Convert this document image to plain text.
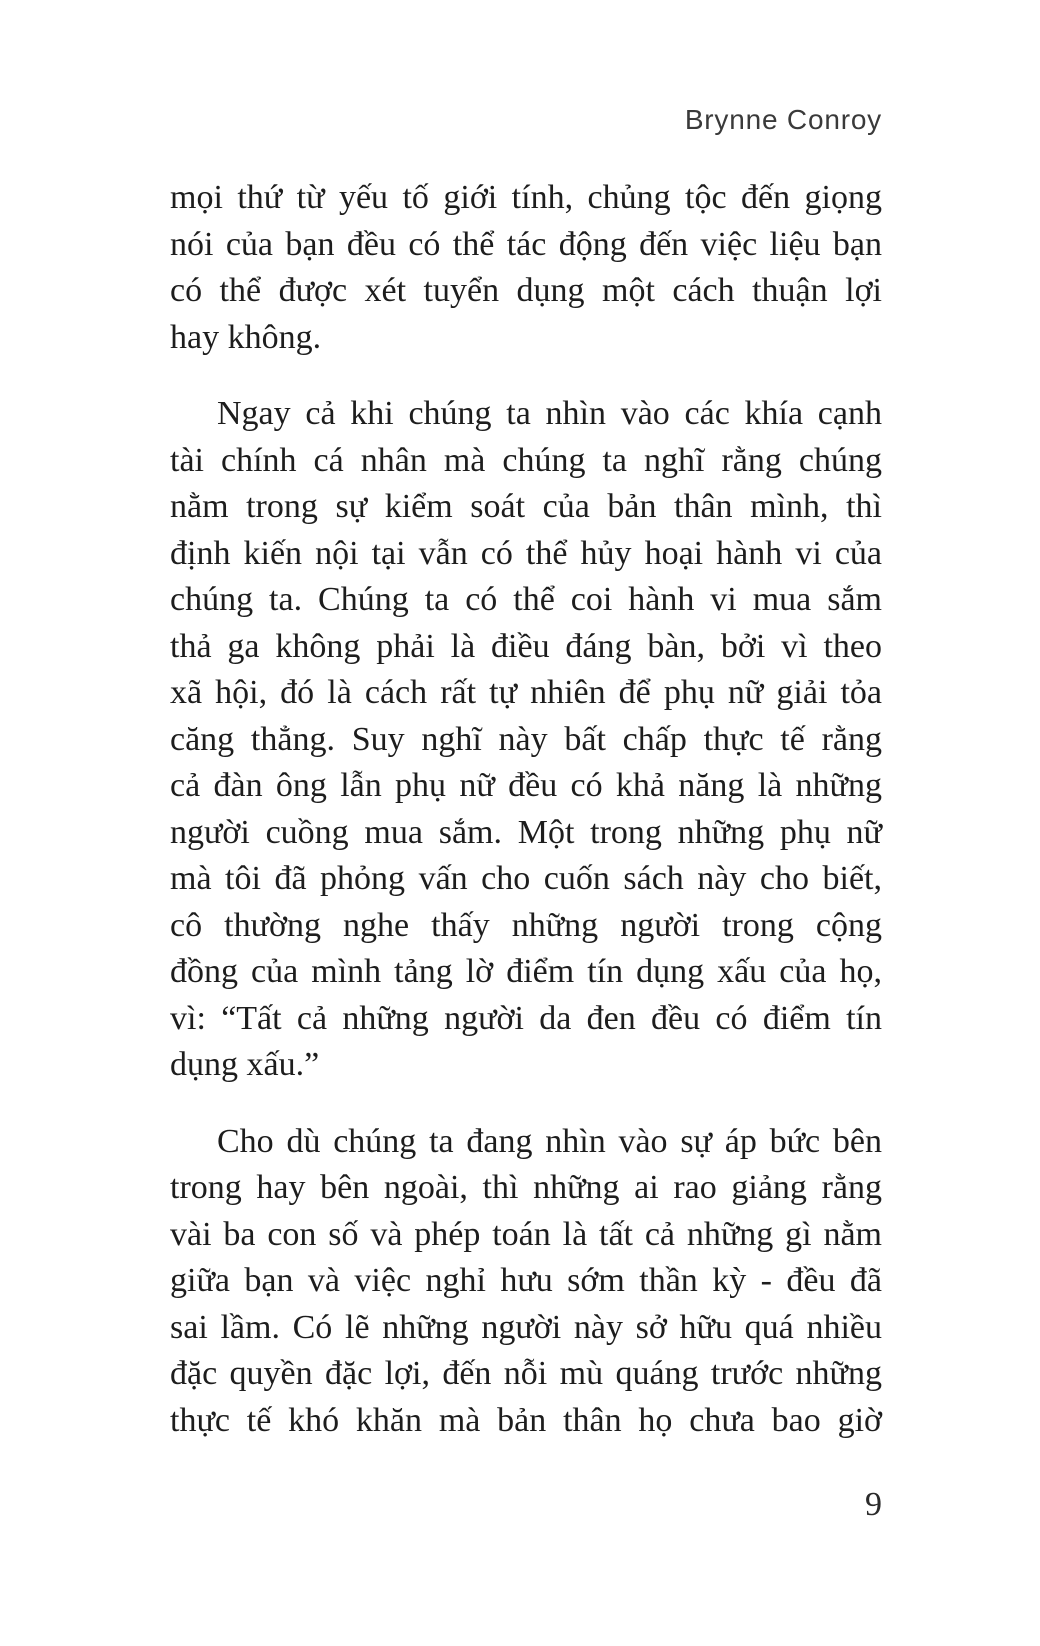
Brynne Conroy
mọi thứ từ yếu tố giới tính, chủng tộc đến giọng
nói của bạn đều có thể tác động đến việc liệu bạn
có thể được xét tuyển dụng một cách thuận lợi
hay không.
Ngay cả khi chúng ta nhìn vào các khía cạnh
tài chính cá nhân mà chúng ta nghĩ rằng chúng
nằm trong sự kiểm soát của bản thân mình, thì
định kiến nội tại vẫn có thể hủy hoại hành vi của
chúng ta. Chúng ta có thể coi hành vi mua sắm
thả ga không phải là điều đáng bàn, bởi vì theo
xã hội, đó là cách rất tự nhiên để phụ nữ giải tỏa
căng thẳng. Suy nghĩ này bất chấp thực tế rằng
cả đàn ông lẫn phụ nữ đều có khả năng là những
người cuồng mua sắm. Một trong những phụ nữ
mà tôi đã phỏng vấn cho cuốn sách này cho biết,
cô thường nghe thấy những người trong cộng
đồng của mình tảng lờ điểm tín dụng xấu của họ,
vì: “Tất cả những người da đen đều có điểm tín
dụng xấu.”
Cho dù chúng ta đang nhìn vào sự áp bức bên
trong hay bên ngoài, thì những ai rao giảng rằng
vài ba con số và phép toán là tất cả những gì nằm
giữa bạn và việc nghỉ hưu sớm thần kỳ - đều đã
sai lầm. Có lẽ những người này sở hữu quá nhiều
đặc quyền đặc lợi, đến nỗi mù quáng trước những
thực tế khó khăn mà bản thân họ chưa bao giờ
9
